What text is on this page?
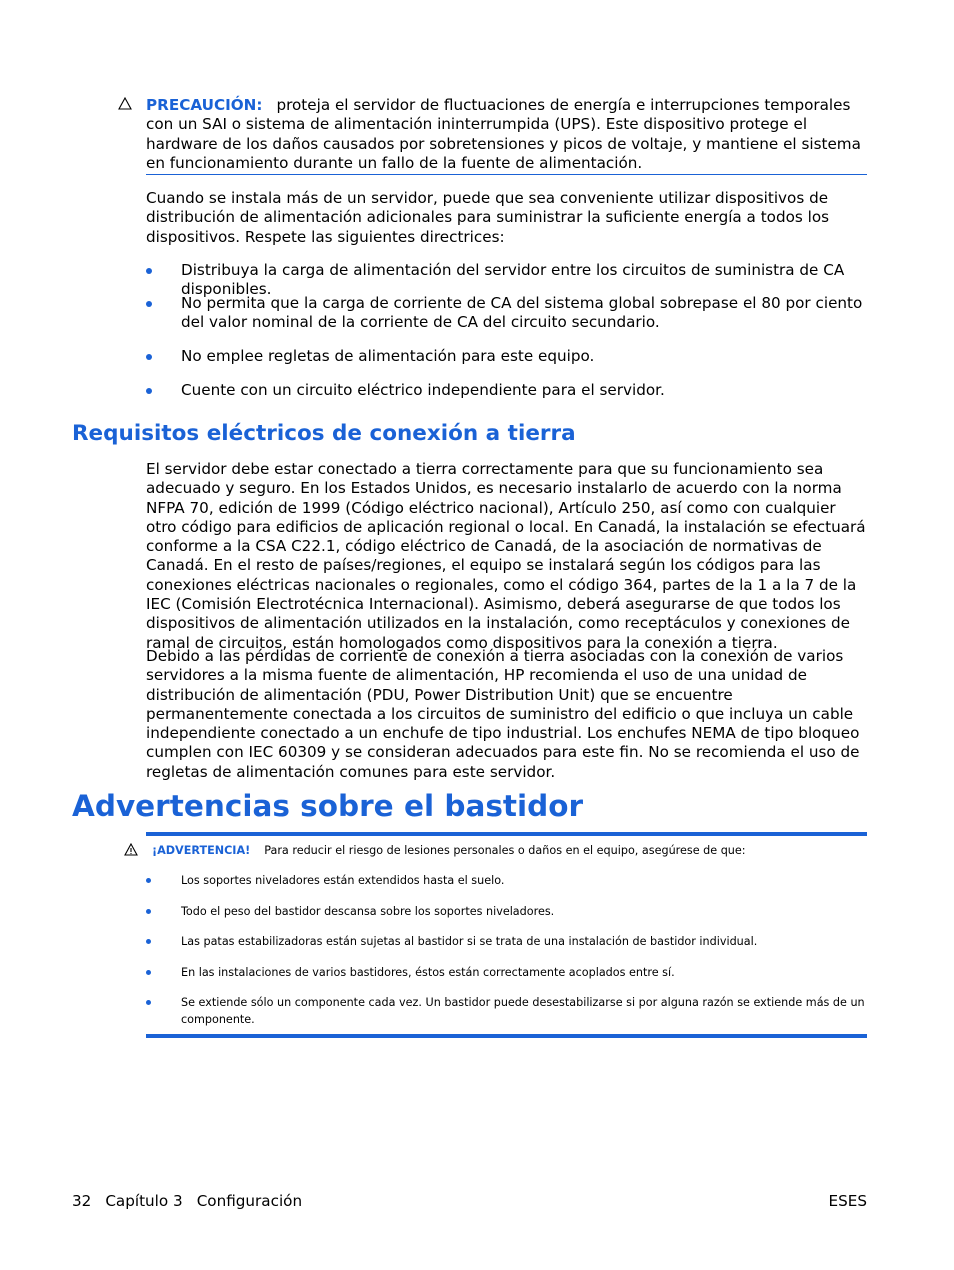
PRECAUCIÓN: proteja el servidor de fluctuaciones de energía e interrupciones temporales con un SAI o sistema de alimentación ininterrumpida (UPS). Este dispositivo protege el hardware de los daños causados por sobretensiones y picos de voltaje, y mantiene el sistema en funcionamiento durante un fallo de la fuente de alimentación.

Cuando se instala más de un servidor, puede que sea conveniente utilizar dispositivos de distribución de alimentación adicionales para suministrar la suficiente energía a todos los dispositivos. Respete las siguientes directrices:

Distribuya la carga de alimentación del servidor entre los circuitos de suministra de CA disponibles.
No permita que la carga de corriente de CA del sistema global sobrepase el 80 por ciento del valor nominal de la corriente de CA del circuito secundario.
No emplee regletas de alimentación para este equipo.
Cuente con un circuito eléctrico independiente para el servidor.
Requisitos eléctricos de conexión a tierra

El servidor debe estar conectado a tierra correctamente para que su funcionamiento sea adecuado y seguro. En los Estados Unidos, es necesario instalarlo de acuerdo con la norma NFPA 70, edición de 1999 (Código eléctrico nacional), Artículo 250, así como con cualquier otro código para edificios de aplicación regional o local. En Canadá, la instalación se efectuará conforme a la CSA C22.1, código eléctrico de Canadá, de la asociación de normativas de Canadá. En el resto de países/regiones, el equipo se instalará según los códigos para las conexiones eléctricas nacionales o regionales, como el código 364, partes de la 1 a la 7 de la IEC (Comisión Electrotécnica Internacional). Asimismo, deberá asegurarse de que todos los dispositivos de alimentación utilizados en la instalación, como receptáculos y conexiones de ramal de circuitos, están homologados como dispositivos para la conexión a tierra.

Debido a las pérdidas de corriente de conexión a tierra asociadas con la conexión de varios servidores a la misma fuente de alimentación, HP recomienda el uso de una unidad de distribución de alimentación (PDU, Power Distribution Unit) que se encuentre permanentemente conectada a los circuitos de suministro del edificio o que incluya un cable independiente conectado a un enchufe de tipo industrial. Los enchufes NEMA de tipo bloqueo cumplen con IEC 60309 y se consideran adecuados para este fin. No se recomienda el uso de regletas de alimentación comunes para este servidor.

Advertencias sobre el bastidor
¡ADVERTENCIA! Para reducir el riesgo de lesiones personales o daños en el equipo, asegúrese de que:
Los soportes niveladores están extendidos hasta el suelo.
Todo el peso del bastidor descansa sobre los soportes niveladores.
Las patas estabilizadoras están sujetas al bastidor si se trata de una instalación de bastidor individual.
En las instalaciones de varios bastidores, éstos están correctamente acoplados entre sí.
Se extiende sólo un componente cada vez. Un bastidor puede desestabilizarse si por alguna razón se extiende más de un componente.
32 Capítulo 3 Configuración	ESES
